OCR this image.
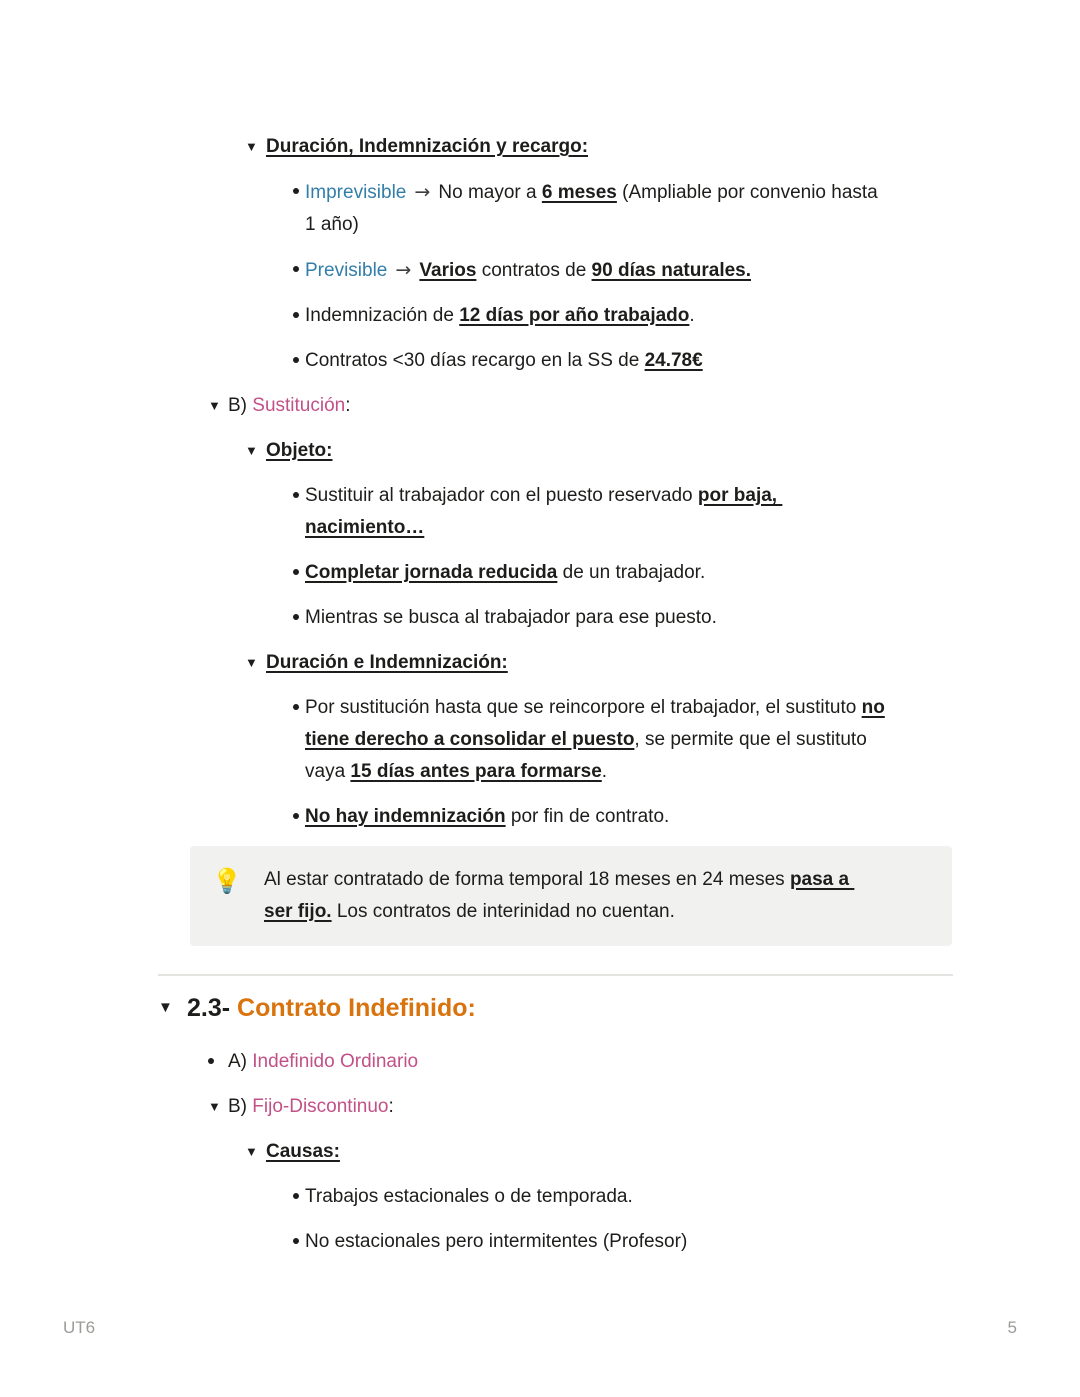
▼ Duración, Indemnización y recargo:
Imprevisible → No mayor a 6 meses (Ampliable por convenio hasta
1 año)
Previsible → Varios contratos de 90 días naturales.
Indemnización de 12 días por año trabajado.
Contratos <30 días recargo en la SS de 24.78€
▼ B) Sustitución:
▼ Objeto:
Sustituir al trabajador con el puesto reservado por baja,
nacimiento…
Completar jornada reducida de un trabajador.
Mientras se busca al trabajador para ese puesto.
▼ Duración e Indemnización:
Por sustitución hasta que se reincorpore el trabajador, el sustituto no
tiene derecho a consolidar el puesto, se permite que el sustituto
vaya 15 días antes para formarse.
No hay indemnización por fin de contrato.
💡 Al estar contratado de forma temporal 18 meses en 24 meses pasa a
ser fijo. Los contratos de interinidad no cuentan.
▼ 2.3- Contrato Indefinido:
A) Indefinido Ordinario
▼ B) Fijo-Discontinuo:
▼ Causas:
Trabajos estacionales o de temporada.
No estacionales pero intermitentes (Profesor)
UT6	5
